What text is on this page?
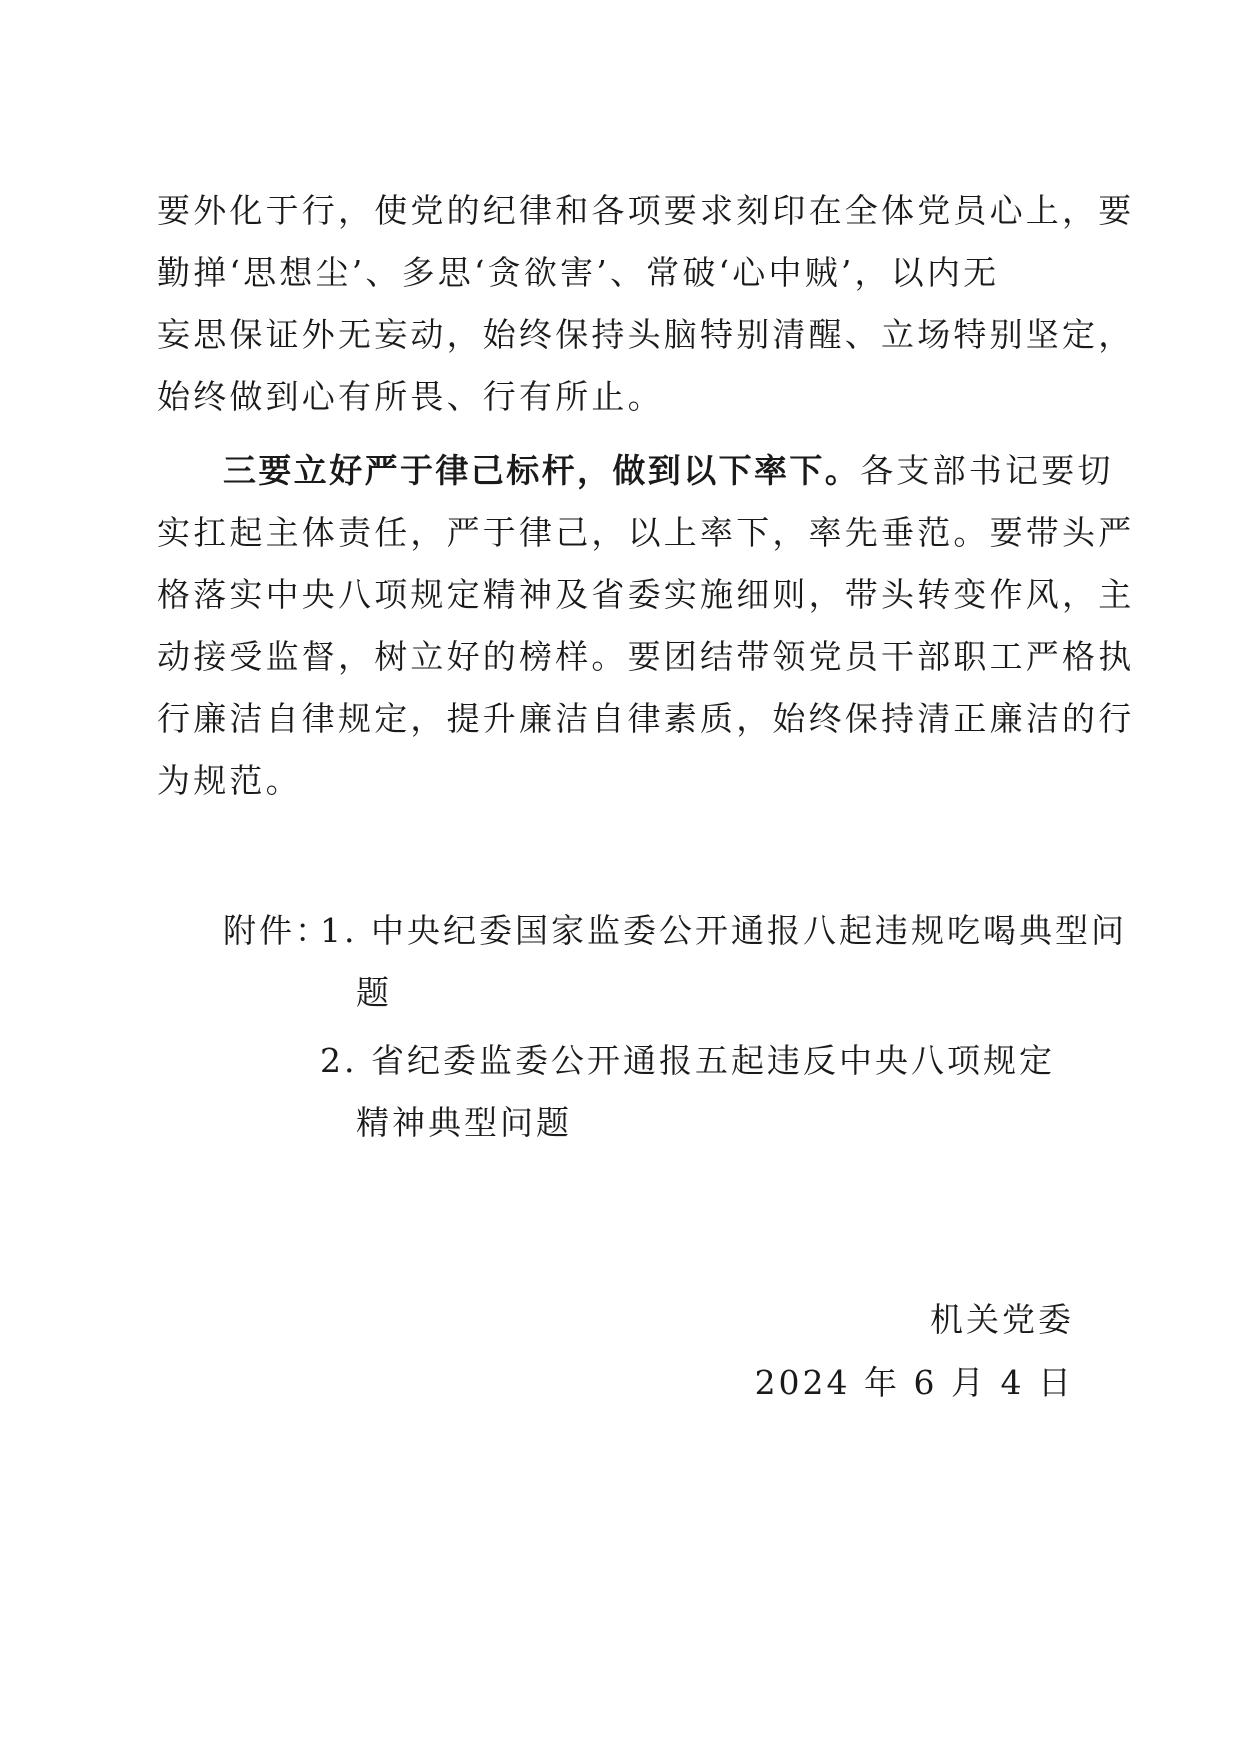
要外化于行，使党的纪律和各项要求刻印在全体党员心上，要
勤掸‘思想尘’、多思‘贪欲害’、常破‘心中贼’，以内无
妄思保证外无妄动，始终保持头脑特别清醒、立场特别坚定，
始终做到心有所畏、行有所止。
三要立好严于律己标杆，做到以下率下。各支部书记要切
实扛起主体责任，严于律己，以上率下，率先垂范。要带头严
格落实中央八项规定精神及省委实施细则，带头转变作风，主
动接受监督，树立好的榜样。要团结带领党员干部职工严格执
行廉洁自律规定，提升廉洁自律素质，始终保持清正廉洁的行
为规范。
附件：
1. 中央纪委国家监委公开通报八起违规吃喝典型问
题
2. 省纪委监委公开通报五起违反中央八项规定
精神典型问题
机关党委
2024 年 6 月 4 日
